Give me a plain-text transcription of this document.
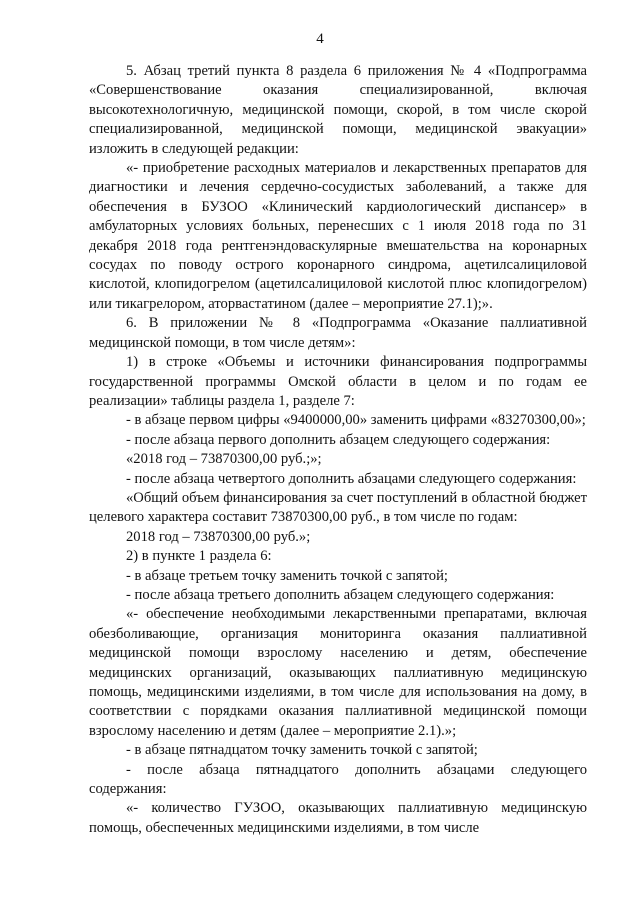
4

5. Абзац третий пункта 8 раздела 6 приложения № 4 «Подпрограмма «Совершенствование оказания специализированной, включая высокотехнологичную, медицинской помощи, скорой, в том числе скорой специализированной, медицинской помощи, медицинской эвакуации» изложить в следующей редакции:

«- приобретение расходных материалов и лекарственных препаратов для диагностики и лечения сердечно-сосудистых заболеваний, а также для обеспечения в БУЗОО «Клинический кардиологический диспансер» в амбулаторных условиях больных, перенесших с 1 июля 2018 года по 31 декабря 2018 года рентгенэндоваскулярные вмешательства на коронарных сосудах по поводу острого коронарного синдрома, ацетилсалициловой кислотой, клопидогрелом (ацетилсалициловой кислотой плюс клопидогрелом) или тикагрелором, аторвастатином (далее – мероприятие 27.1);».

6. В приложении № 8 «Подпрограмма «Оказание паллиативной медицинской помощи, в том числе детям»:

1) в строке «Объемы и источники финансирования подпрограммы государственной программы Омской области в целом и по годам ее реализации» таблицы раздела 1, разделе 7:

- в абзаце первом цифры «9400000,00» заменить цифрами «83270300,00»;

- после абзаца первого дополнить абзацем следующего содержания:

«2018 год – 73870300,00 руб.;»;

- после абзаца четвертого дополнить абзацами следующего содержания:

«Общий объем финансирования за счет поступлений в областной бюджет целевого характера составит 73870300,00 руб., в том числе по годам:

2018 год – 73870300,00 руб.»;

2) в пункте 1 раздела 6:

- в абзаце третьем точку заменить точкой с запятой;

- после абзаца третьего дополнить абзацем следующего содержания:

«- обеспечение необходимыми лекарственными препаратами, включая обезболивающие, организация мониторинга оказания паллиативной медицинской помощи взрослому населению и детям, обеспечение медицинских организаций, оказывающих паллиативную медицинскую помощь, медицинскими изделиями, в том числе для использования на дому, в соответствии с порядками оказания паллиативной медицинской помощи взрослому населению и детям (далее – мероприятие 2.1).»;

- в абзаце пятнадцатом точку заменить точкой с запятой;

- после абзаца пятнадцатого дополнить абзацами следующего содержания:

«- количество ГУЗОО, оказывающих паллиативную медицинскую помощь, обеспеченных медицинскими изделиями, в том числе
